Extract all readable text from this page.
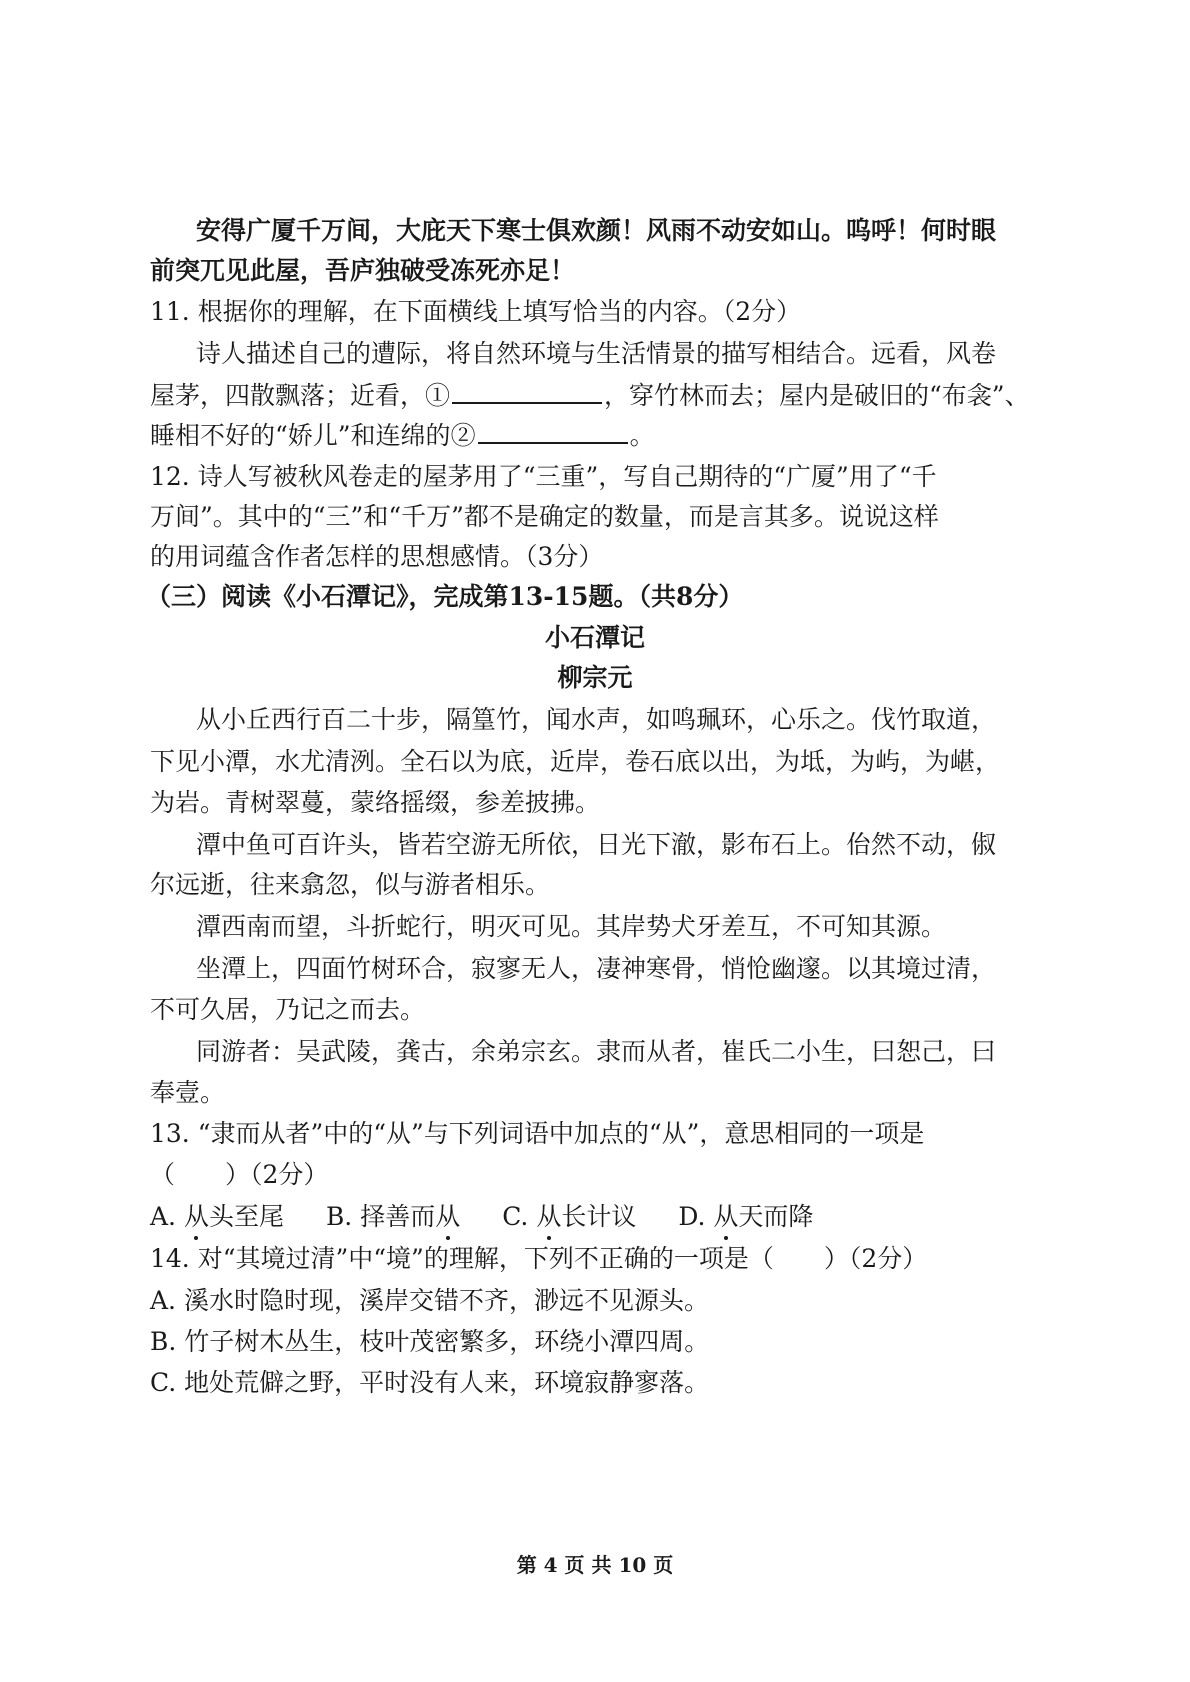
安得广厦千万间，大庇天下寒士俱欢颜！风雨不动安如山。呜呼！何时眼
前突兀见此屋，吾庐独破受冻死亦足！
11. 根据你的理解，在下面横线上填写恰当的内容。（2分）
诗人描述自己的遭际，将自然环境与生活情景的描写相结合。远看，风卷
屋茅，四散飘落；近看，①	，穿竹林而去；屋内是破旧的“布衾”、
睡相不好的“娇儿”和连绵的②	。
12. 诗人写被秋风卷走的屋茅用了“三重”，写自己期待的“广厦”用了“千
万间”。其中的“三”和“千万”都不是确定的数量，而是言其多。说说这样
的用词蕴含作者怎样的思想感情。（3分）
（三）阅读《小石潭记》，完成第13-15题。（共8分）
小石潭记
柳宗元
从小丘西行百二十步，隔篁竹，闻水声，如鸣珮环，心乐之。伐竹取道，
下见小潭，水尤清洌。全石以为底，近岸，卷石底以出，为坻，为屿，为嵁，
为岩。青树翠蔓，蒙络摇缀，参差披拂。
潭中鱼可百许头，皆若空游无所依，日光下澈，影布石上。佁然不动，俶
尔远逝，往来翕忽，似与游者相乐。
潭西南而望，斗折蛇行，明灭可见。其岸势犬牙差互，不可知其源。
坐潭上，四面竹树环合，寂寥无人，凄神寒骨，悄怆幽邃。以其境过清，
不可久居，乃记之而去。
同游者：吴武陵，龚古，余弟宗玄。隶而从者，崔氏二小生，曰恕己，曰
奉壹。
13. “隶而从者”中的“从”与下列词语中加点的“从”，意思相同的一项是
（　　）（2分）
A. 从头至尾 B. 择善而从 C. 从长计议 D. 从天而降
14. 对“其境过清”中“境”的理解，下列不正确的一项是（　　）（2分）
A. 溪水时隐时现，溪岸交错不齐，渺远不见源头。
B. 竹子树木丛生，枝叶茂密繁多，环绕小潭四周。
C. 地处荒僻之野，平时没有人来，环境寂静寥落。
第 4 页 共 10 页
